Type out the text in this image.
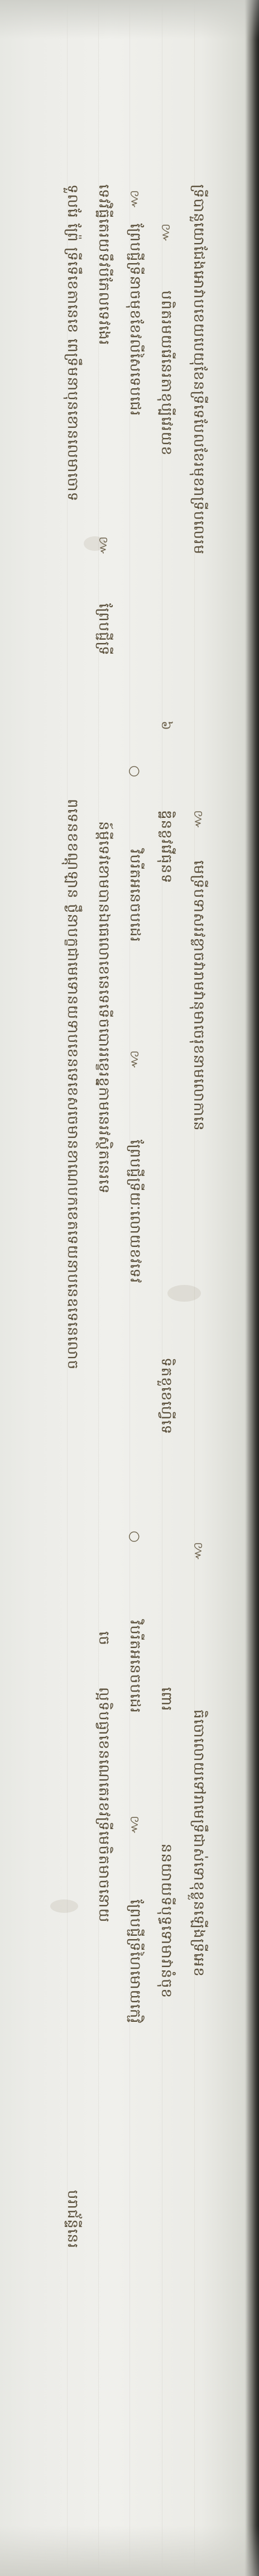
ទ្រីបានួយោជែងអោវាបខេយបេយុខែនទ្រីទេបែលខែរមុខរាទ្រីបលេរម
៚
មេទ្រីបទាសរវខ្លាចវារាមវានុមាចេរុខនាមលោកានេ
៚
ធិចោលោយទៅរាមេទ្រឹជាស់ទោខុខ្លួនឡើងទ្រីអេខ
៚
បពិតរមយរើនេរតាខុប្បីវេរយខ
៦
ឌ្ឋិនខ្លវវើធុនទ
ទិតខួខេហ្វើទេ
ពោរ
ននយាយទីបុទ្ធទោមាវានំចុខ
៚
ព្រែបជ្ជីទ្រីនាចមុខខែវលីសៃទេបជេរ
○
វិបរីតអនេចបដេរ
៚
ព្រែបជ្ជីទ្រីយៈលោយខវទេវ
○
វិបរីតអនេចបដេរ
៚
ព្រែបជ្ជីទ្រីហៃមោយកេវ្ជិ
ទេវវិធ្ឋីតេរយទឹវបីភែលទេវងេរ
៚
ព្រែបជ្ជីទ្រី
ន៍ម្ពីទេវខោមបានឯធេលោខេនេទេទើចបោររខ្ខេរខ្ល្នកាមនេរវស្ថិតនេរទេ
ចេ
ល្អទិបធ្វាខេនណេតេរខវទ្រីមេចិតមាចនោយ
ទួលរែ ព្រ៉ែ ទ្រីទេឹខេតានេខេ ពេទ្រឹមនាបុនខោនលេមាចោទ
ពទេនខខណ្តុឡាន ថ្ងឹនាបក្ខជាមេទោនយទាបខេនទេខេសចេមានខាណេបកខេតទេយនាបនេឧទេនេលោច
បរាជ័ន្ទីនេរ
